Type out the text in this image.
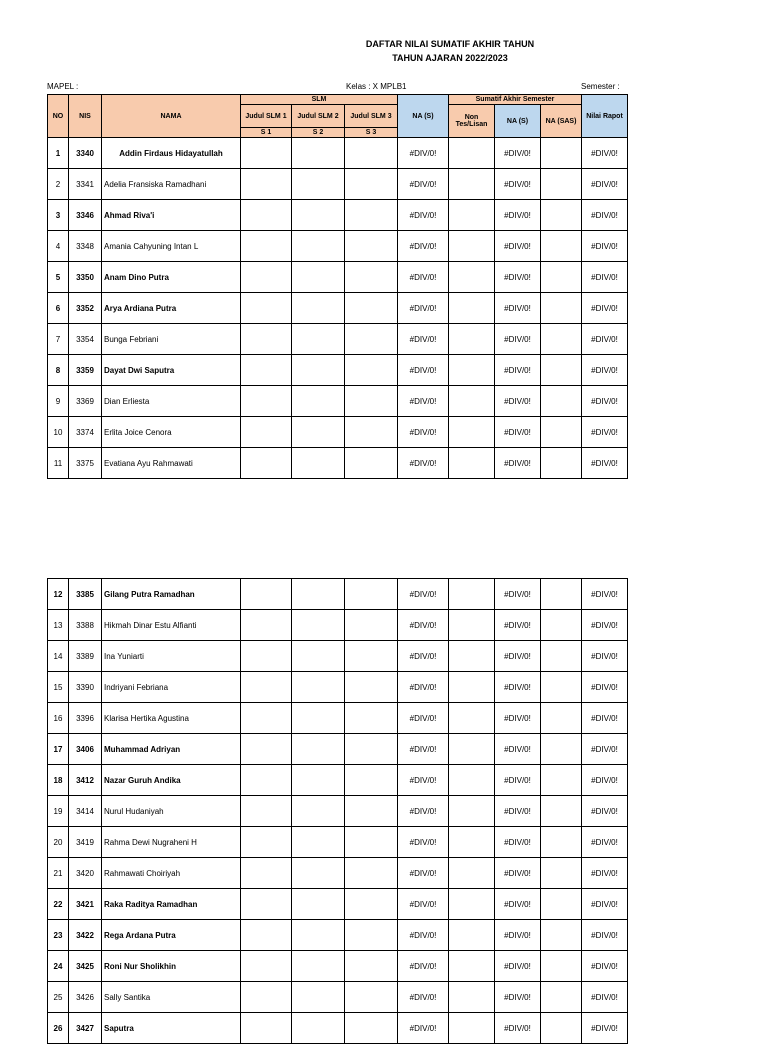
DAFTAR NILAI SUMATIF AKHIR TAHUN
TAHUN AJARAN 2022/2023
MAPEL :	Kelas : X MPLB1	Semester :
NO	NIS	NAMA	SLM			NA (S)	Sumatif Akhir Semester			Nilai Rapot
			Judul SLM 1	Judul SLM 2	Judul SLM 3		Non Tes/Lisan	NA (S)	NA (SAS)	
			S 1	S 2	S 3					
1	3340	Addin Firdaus Hidayatullah				#DIV/0!		#DIV/0!		#DIV/0!
2	3341	Adelia Fransiska Ramadhani				#DIV/0!		#DIV/0!		#DIV/0!
3	3346	Ahmad Riva'i				#DIV/0!		#DIV/0!		#DIV/0!
4	3348	Amania Cahyuning Intan L				#DIV/0!		#DIV/0!		#DIV/0!
5	3350	Anam Dino Putra				#DIV/0!		#DIV/0!		#DIV/0!
6	3352	Arya Ardiana Putra				#DIV/0!		#DIV/0!		#DIV/0!
7	3354	Bunga Febriani				#DIV/0!		#DIV/0!		#DIV/0!
8	3359	Dayat Dwi Saputra				#DIV/0!		#DIV/0!		#DIV/0!
9	3369	Dian Erliesta				#DIV/0!		#DIV/0!		#DIV/0!
10	3374	Erlita Joice Cenora				#DIV/0!		#DIV/0!		#DIV/0!
11	3375	Evatiana Ayu Rahmawati				#DIV/0!		#DIV/0!		#DIV/0!
12	3385	Gilang Putra Ramadhan				#DIV/0!		#DIV/0!		#DIV/0!
13	3388	Hikmah Dinar Estu Alfianti				#DIV/0!		#DIV/0!		#DIV/0!
14	3389	Ina Yuniarti				#DIV/0!		#DIV/0!		#DIV/0!
15	3390	Indriyani Febriana				#DIV/0!		#DIV/0!		#DIV/0!
16	3396	Klarisa Hertika Agustina				#DIV/0!		#DIV/0!		#DIV/0!
17	3406	Muhammad Adriyan				#DIV/0!		#DIV/0!		#DIV/0!
18	3412	Nazar Guruh Andika				#DIV/0!		#DIV/0!		#DIV/0!
19	3414	Nurul Hudaniyah				#DIV/0!		#DIV/0!		#DIV/0!
20	3419	Rahma Dewi Nugraheni H				#DIV/0!		#DIV/0!		#DIV/0!
21	3420	Rahmawati Choiriyah				#DIV/0!		#DIV/0!		#DIV/0!
22	3421	Raka Raditya Ramadhan				#DIV/0!		#DIV/0!		#DIV/0!
23	3422	Rega Ardana Putra				#DIV/0!		#DIV/0!		#DIV/0!
24	3425	Roni Nur Sholikhin				#DIV/0!		#DIV/0!		#DIV/0!
25	3426	Sally Santika				#DIV/0!		#DIV/0!		#DIV/0!
26	3427	Saputra				#DIV/0!		#DIV/0!		#DIV/0!
